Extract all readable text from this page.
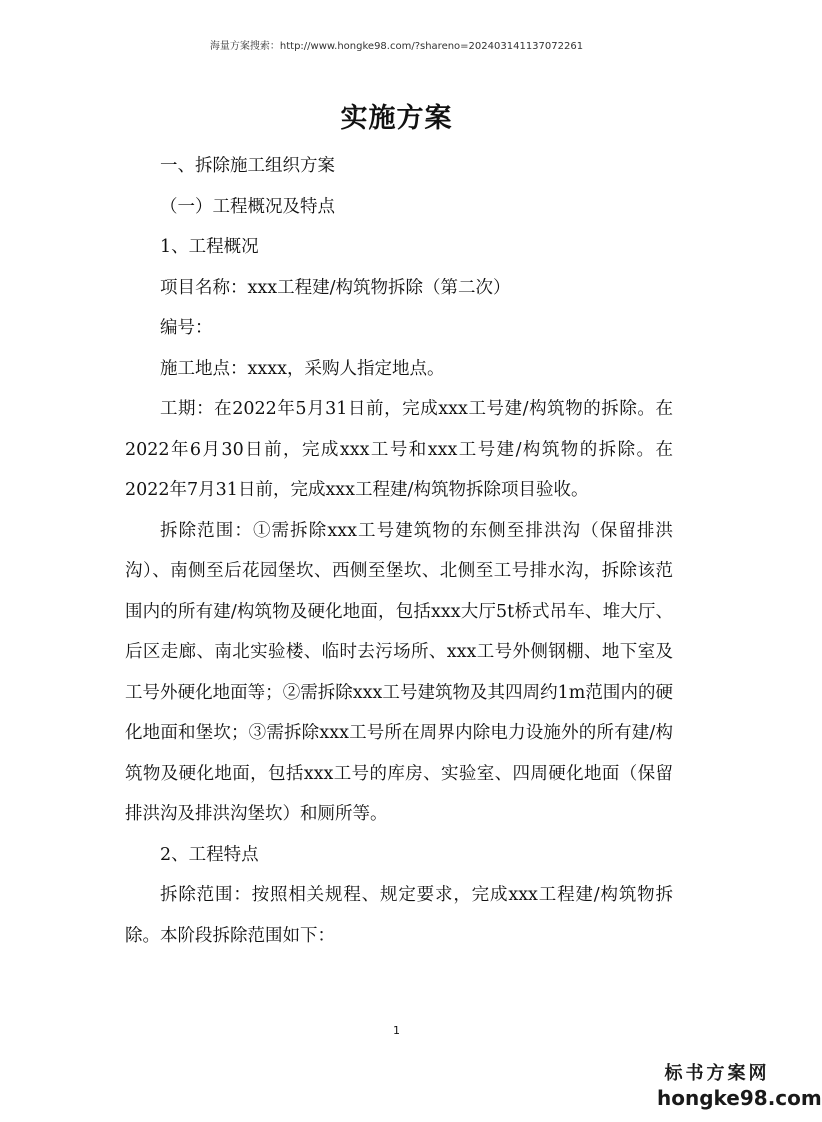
海量方案搜索：http://www.hongke98.com/?shareno=20240314113707226​1
实施方案

一、拆除施工组织方案

（一）工程概况及特点

1、工程概况

项目名称：xxx工程建/构筑物拆除（第二次）

编号：

施工地点：xxxx，采购人指定地点。

工期：在2022年5月31日前，完成xxx工号建/构筑物的拆除。在2022年6月30日前，完成xxx工号和xxx工号建/构筑物的拆除。在2022年7月31日前，完成xxx工程建/构筑物拆除项目验收。

拆除范围：①需拆除xxx工号建筑物的东侧至排洪沟（保留排洪沟）、南侧至后花园堡坎、西侧至堡坎、北侧至工号排水沟，拆除该范围内的所有建/构筑物及硬化地面，包括xxx大厅5t桥式吊车、堆大厅、后区走廊、南北实验楼、临时去污场所、xxx工号外侧钢棚、地下室及工号外硬化地面等；②需拆除xxx工号建筑物及其四周约1m范围内的硬化地面和堡坎；③需拆除xxx工号所在周界内除电力设施外的所有建/构筑物及硬化地面，包括xxx工号的库房、实验室、四周硬化地面（保留排洪沟及排洪沟堡坎）和厕所等。

2、工程特点

拆除范围：按照相关规程、规定要求，完成xxx工程建/构筑物拆除。本阶段拆除范围如下：

1
标书方案网
hongke98.com
